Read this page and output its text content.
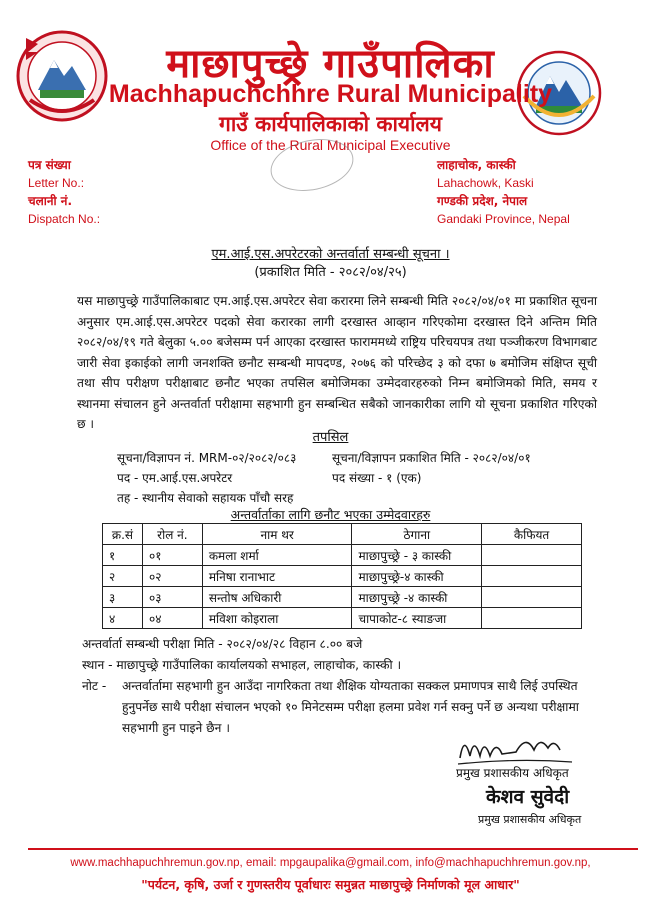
माछापुच्छ्रे गाउँपालिका
Machhapuchchhre Rural Municipality
गाउँ कार्यपालिकाको कार्यालय
Office of the Rural Municipal Executive
पत्र संख्या
Letter No.:
चलानी नं.
Dispatch No.:
लाहाचोक, कास्की
Lahachowk, Kaski
गण्डकी प्रदेश, नेपाल
Gandaki Province, Nepal
एम.आई.एस.अपरेटरको अन्तर्वार्ता सम्बन्धी सूचना ।
(प्रकाशित मिति - २०८२/०४/२५)
यस माछापुच्छ्रे गाउँपालिकाबाट एम.आई.एस.अपरेटर सेवा करारमा लिने सम्बन्धी मिति २०८२/०४/०१ मा प्रकाशित सूचना अनुसार एम.आई.एस.अपरेटर पदको सेवा करारका लागी दरखास्त आव्हान गरिएकोमा दरखास्त दिने अन्तिम मिति २०८२/०४/१९ गते बेलुका ५.०० बजेसम्म पर्न आएका दरखास्त फाराममध्ये राष्ट्रिय परिचयपत्र तथा पञ्जीकरण विभागबाट जारी सेवा इकाईको लागी जनशक्ति छनौट सम्बन्धी मापदण्ड, २०७६ को परिच्छेद ३ को दफा ७ बमोजिम संक्षिप्त सूची तथा सीप परीक्षण परीक्षाबाट छनौट भएका तपसिल बमोजिमका उम्मेदवारहरुको निम्न बमोजिमको मिति, समय र स्थानमा संचालन हुने अन्तर्वार्ता परीक्षामा सहभागी हुन सम्बन्धित सबैको जानकारीका लागि यो सूचना प्रकाशित गरिएको छ ।
तपसिल
सूचना/विज्ञापन नं. MRM-०२/२०८२/०८३	सूचना/विज्ञापन प्रकाशित मिति - २०८२/०४/०१
पद - एम.आई.एस.अपरेटर	पद संख्या - १ (एक)
तह - स्थानीय सेवाको सहायक पाँचौ सरह
अन्तर्वार्ताका लागि छनौट भएका उम्मेदवारहरु
क्र.सं	रोल नं.	नाम थर	ठेगाना	कैफियत
१	०१	कमला शर्मा	माछापुच्छ्रे - ३ कास्की	
२	०२	मनिषा रानाभाट	माछापुच्छ्रे-४ कास्की	
३	०३	सन्तोष अधिकारी	माछापुच्छ्रे -४ कास्की	
४	०४	मविशा कोइराला	चापाकोट-८ स्याङजा	
अन्तर्वार्ता सम्बन्धी परीक्षा मिति - २०८२/०४/२८ विहान ८.०० बजे
स्थान - माछापुच्छ्रे गाउँपालिका कार्यालयको सभाहल, लाहाचोक, कास्की ।
नोट -	अन्तर्वार्तामा सहभागी हुन आउँदा नागरिकता तथा शैक्षिक योग्यताका सक्कल प्रमाणपत्र साथै लिई उपस्थित हुनुपर्नेछ साथै परीक्षा संचालन भएको १० मिनेटसम्म परीक्षा हलमा प्रवेश गर्न सक्नु पर्ने छ अन्यथा परीक्षामा सहभागी हुन पाइने छैन ।
प्रमुख प्रशासकीय अधिकृत
केशव सुवेदी
प्रमुख प्रशासकीय अधिकृत
www.machhapuchhremun.gov.np, email: mpgaupalika@gmail.com, info@machhapuchhremun.gov.np,
"पर्यटन, कृषि, उर्जा र गुणस्तरीय पूर्वाधारः समुन्नत माछापुच्छ्रे निर्माणको मूल आधार"
